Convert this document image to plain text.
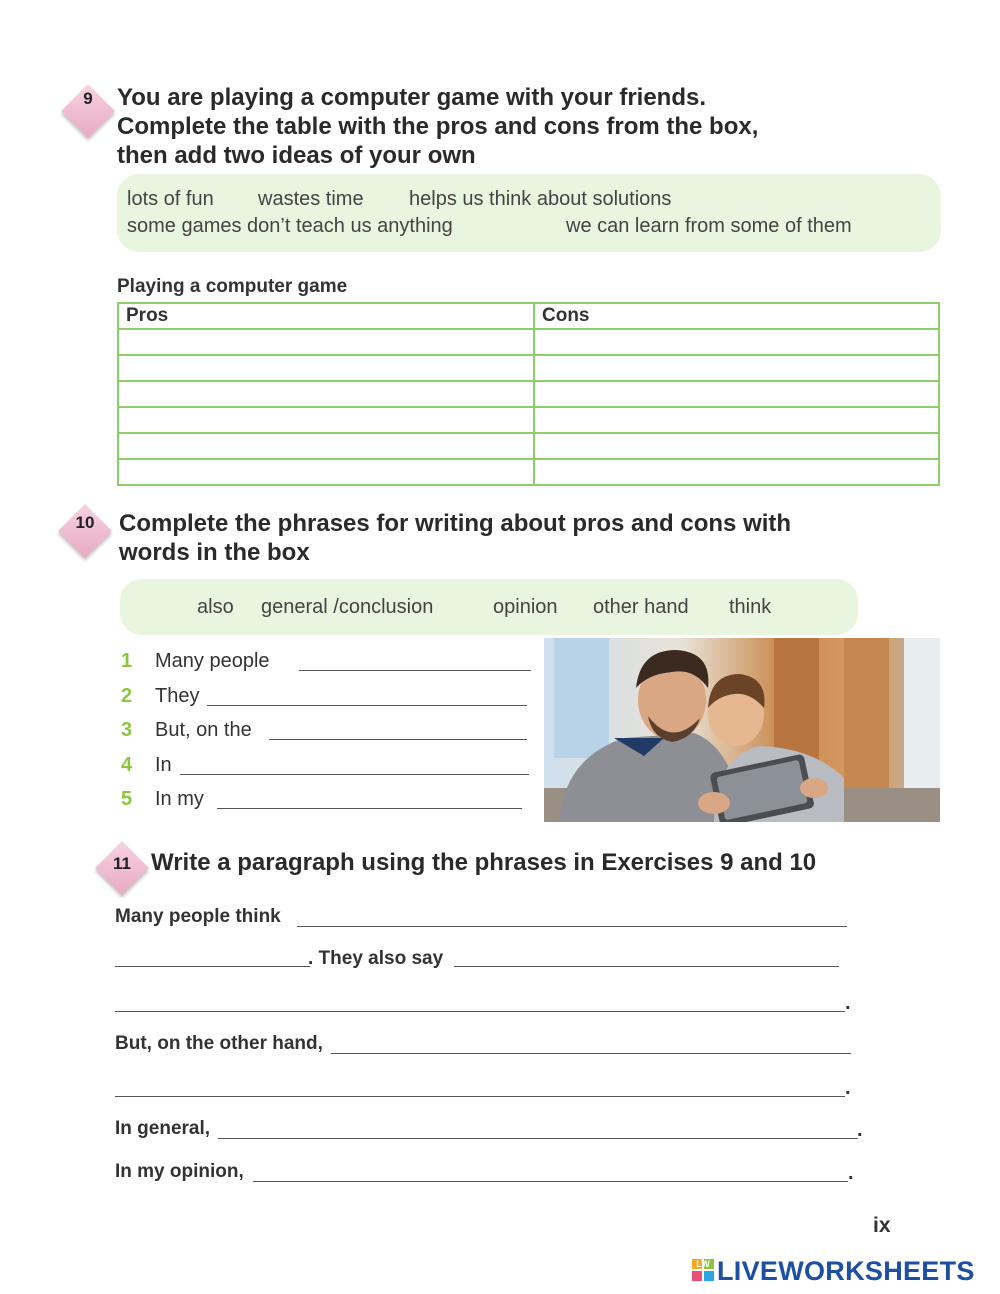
9	You are playing a computer game with your friends.
Complete the table with the pros and cons from the box,
then add two ideas of your own
lots of fun wastes time helps us think about solutions
some games don’t teach us anything	we can learn from some of them
Playing a computer game
Pros	Cons

10	Complete the phrases for writing about pros and cons with
words in the box
also general /conclusion	opinion other hand think
1 Many people
2 They
3 But, on the
4 In
5 In my
11 Write a paragraph using the phrases in Exercises 9 and 10
Many people think
. They also say
.
But, on the other hand,
.
In general,	.
In my opinion,	.
ix
LW LIVEWORKSHEETS
